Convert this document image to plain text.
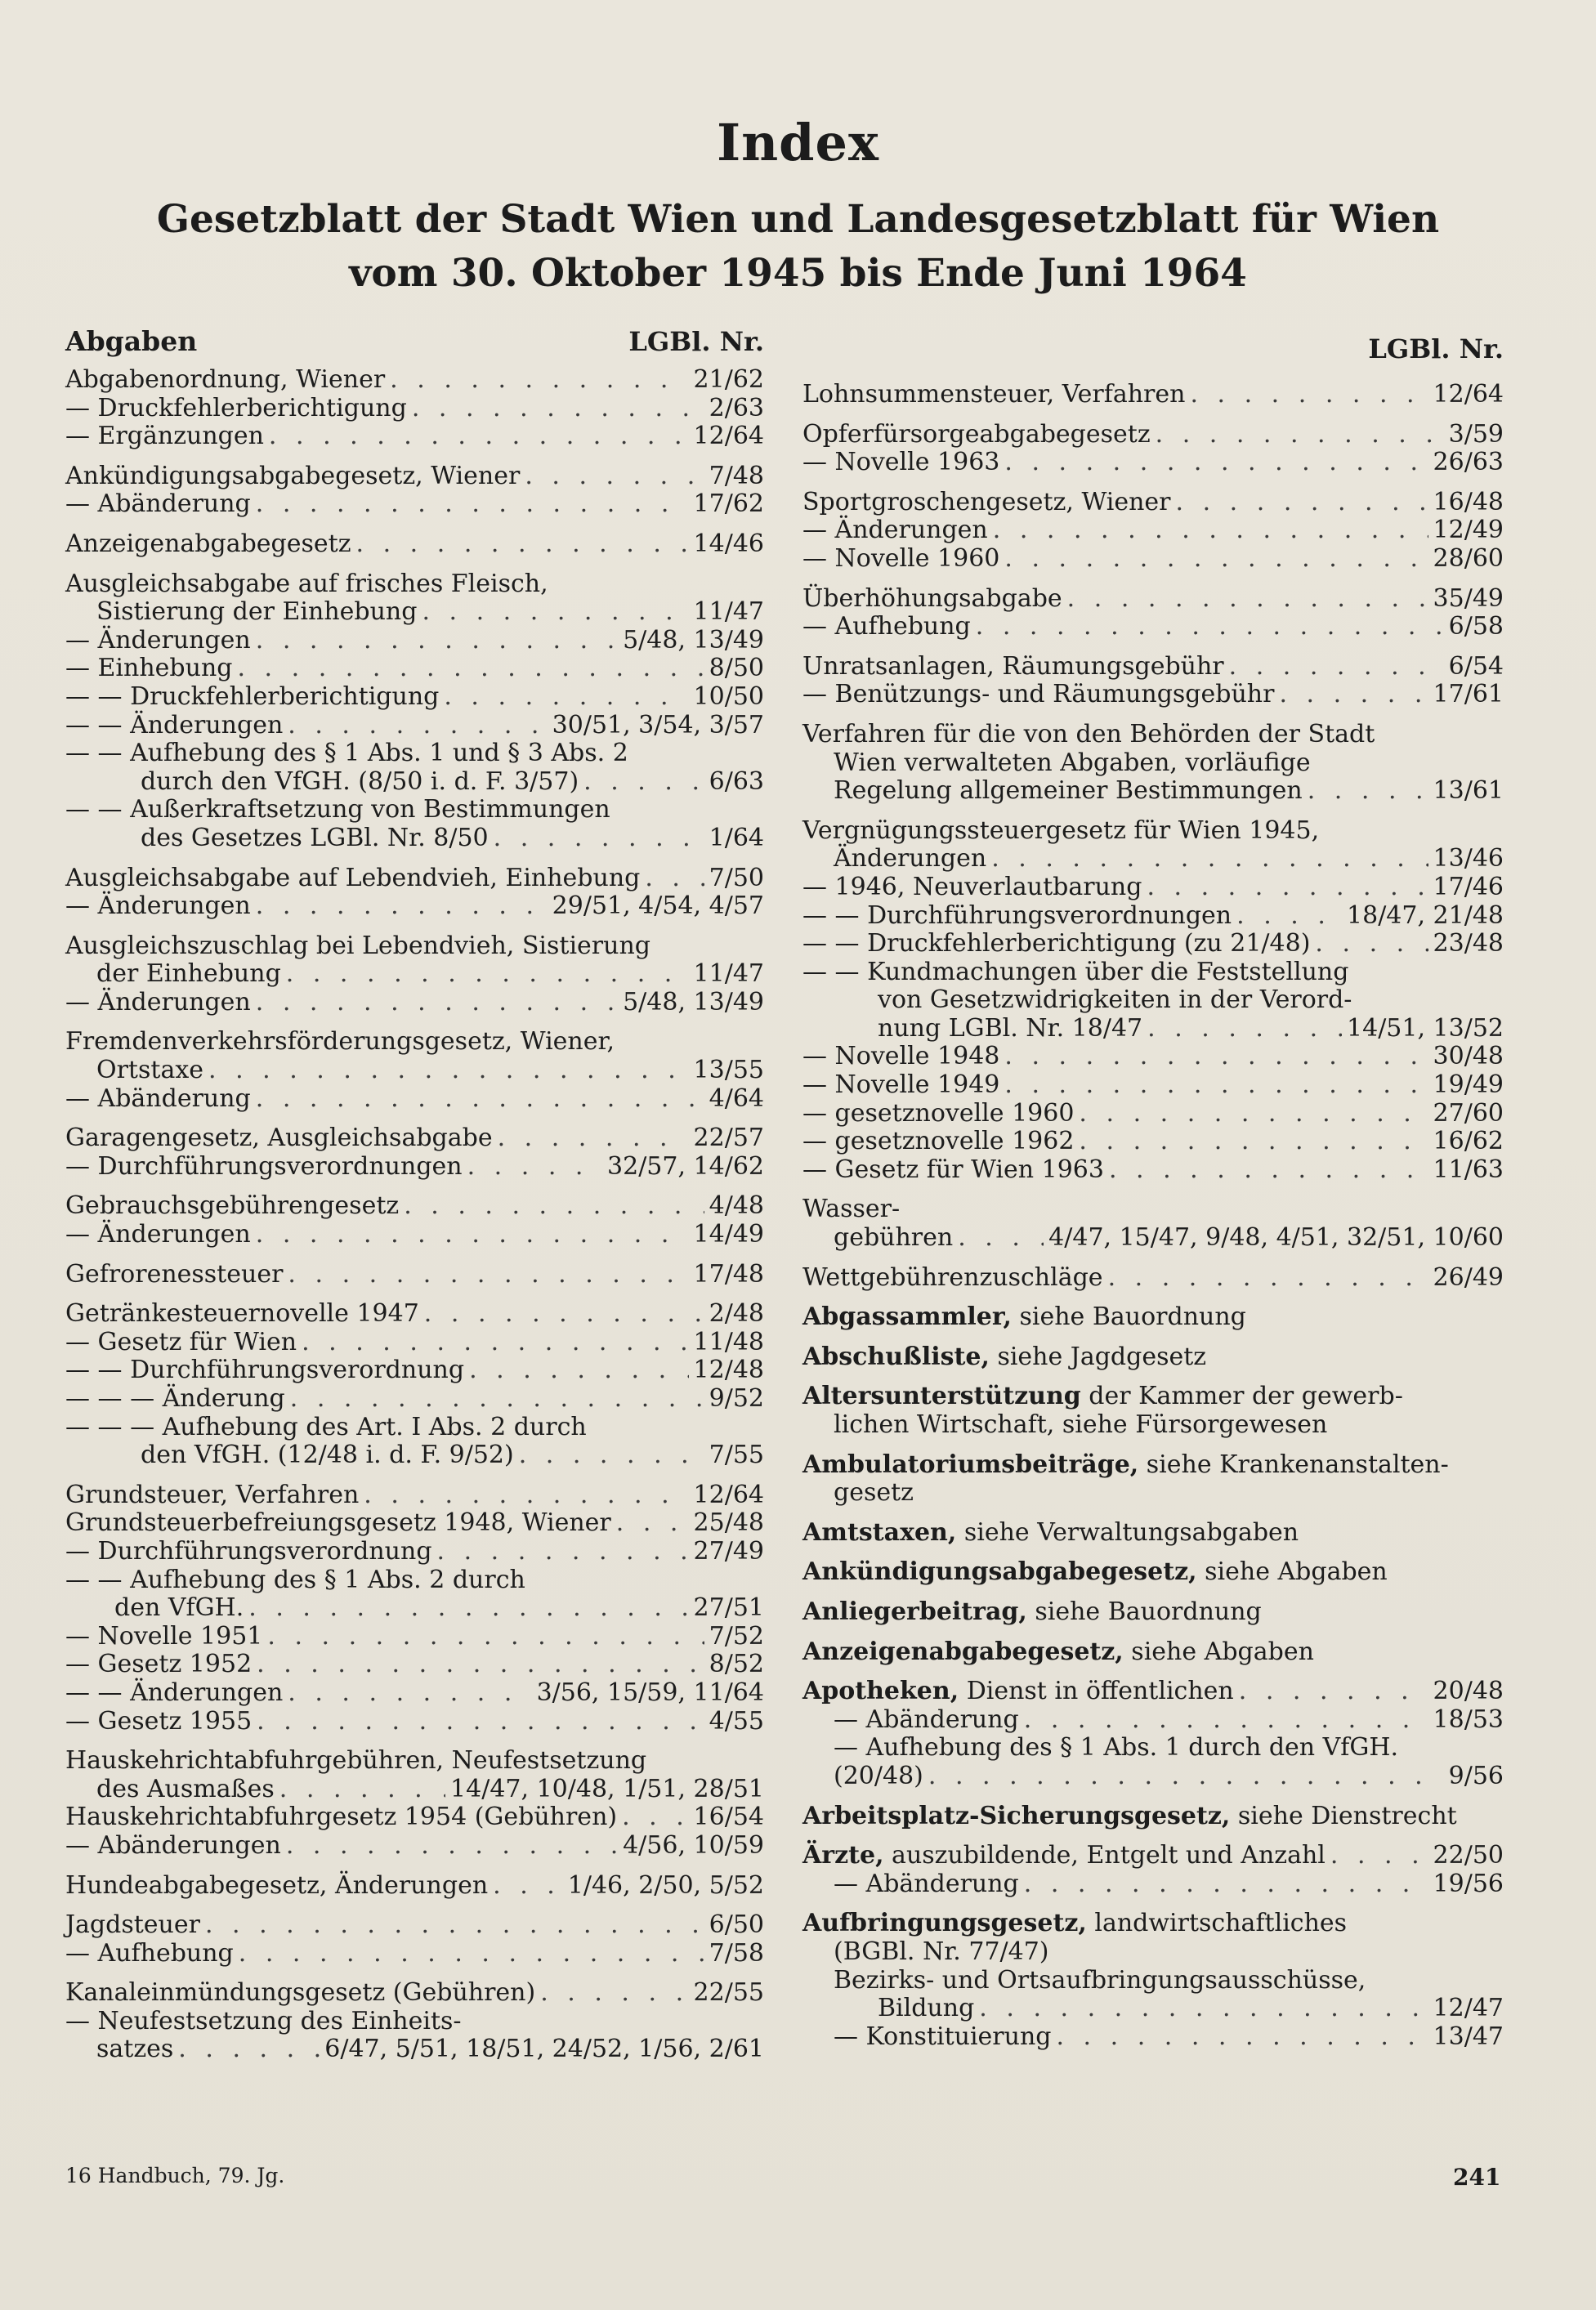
Index
Gesetzblatt der Stadt Wien und Landesgesetzblatt für Wien
vom 30. Oktober 1945 bis Ende Juni 1964
Abgaben	LGBl. Nr.
Abgabenordnung, Wiener . . .	21/62
— Druckfehlerberichtigung . . .	2/63
— Ergänzungen . . .	12/64
Ankündigungsabgabegesetz, Wiener . . .	7/48
— Abänderung . . .	17/62
Anzeigenabgabegesetz . . .	14/46
Ausgleichsabgabe auf frisches Fleisch,
Sistierung der Einhebung . . .	11/47
— Änderungen . . .	5/48, 13/49
— Einhebung . . .	8/50
— — Druckfehlerberichtigung . . .	10/50
— — Änderungen . . .	30/51, 3/54, 3/57
— — Aufhebung des § 1 Abs. 1 und § 3 Abs. 2
durch den VfGH. (8/50 i. d. F. 3/57) . . .	6/63
— — Außerkraftsetzung von Bestimmungen
des Gesetzes LGBl. Nr. 8/50 . . .	1/64
Ausgleichsabgabe auf Lebendvieh, Einhebung . . .	7/50
— Änderungen . . .	29/51, 4/54, 4/57
Ausgleichszuschlag bei Lebendvieh, Sistierung
der Einhebung . . .	11/47
— Änderungen . . .	5/48, 13/49
Fremdenverkehrsförderungsgesetz, Wiener,
Ortstaxe . . .	13/55
— Abänderung . . .	4/64
Garagengesetz, Ausgleichsabgabe . . .	22/57
— Durchführungsverordnungen . . .	32/57, 14/62
Gebrauchsgebührengesetz . . .	4/48
— Änderungen . . .	14/49
Gefrorenessteuer . . .	17/48
Getränkesteuernovelle 1947 . . .	2/48
— Gesetz für Wien . . .	11/48
— — Durchführungsverordnung . . .	12/48
— — — Änderung . . .	9/52
— — — Aufhebung des Art. I Abs. 2 durch
den VfGH. (12/48 i. d. F. 9/52) . . .	7/55
Grundsteuer, Verfahren . . .	12/64
Grundsteuerbefreiungsgesetz 1948, Wiener . . .	25/48
— Durchführungsverordnung . . .	27/49
— — Aufhebung des § 1 Abs. 2 durch
den VfGH. . . .	27/51
— Novelle 1951 . . .	7/52
— Gesetz 1952 . . .	8/52
— — Änderungen . . .	3/56, 15/59, 11/64
— Gesetz 1955 . . .	4/55
Hauskehrichtabfuhrgebühren, Neufestsetzung
des Ausmaßes . . .	14/47, 10/48, 1/51, 28/51
Hauskehrichtabfuhrgesetz 1954 (Gebühren) . . .	16/54
— Abänderungen . . .	4/56, 10/59
Hundeabgabegesetz, Änderungen . . .	1/46, 2/50, 5/52
Jagdsteuer . . .	6/50
— Aufhebung . . .	7/58
Kanaleinmündungsgesetz (Gebühren) . . .	22/55
— Neufestsetzung des Einheits-
satzes . . .	6/47, 5/51, 18/51, 24/52, 1/56, 2/61
LGBl. Nr.
Lohnsummensteuer, Verfahren . . .	12/64
Opferfürsorgeabgabegesetz . . .	3/59
— Novelle 1963 . . .	26/63
Sportgroschengesetz, Wiener . . .	16/48
— Änderungen . . .	12/49
— Novelle 1960 . . .	28/60
Überhöhungsabgabe . . .	35/49
— Aufhebung . . .	6/58
Unratsanlagen, Räumungsgebühr . . .	6/54
— Benützungs- und Räumungsgebühr . . .	17/61
Verfahren für die von den Behörden der Stadt
Wien verwalteten Abgaben, vorläufige
Regelung allgemeiner Bestimmungen . . .	13/61
Vergnügungssteuergesetz für Wien 1945,
Änderungen . . .	13/46
— 1946, Neuverlautbarung . . .	17/46
— — Durchführungsverordnungen . . .	18/47, 21/48
— — Druckfehlerberichtigung (zu 21/48) . . .	23/48
— — Kundmachungen über die Feststellung
von Gesetzwidrigkeiten in der Verord-
nung LGBl. Nr. 18/47 . . .	14/51, 13/52
— Novelle 1948 . . .	30/48
— Novelle 1949 . . .	19/49
— gesetznovelle 1960 . . .	27/60
— gesetznovelle 1962 . . .	16/62
— Gesetz für Wien 1963 . . .	11/63
Wasser-
gebühren . . .	4/47, 15/47, 9/48, 4/51, 32/51, 10/60
Wettgebührenzuschläge . . .	26/49
Abgassammler, siehe Bauordnung
Abschußliste, siehe Jagdgesetz
Altersunterstützung der Kammer der gewerb-
lichen Wirtschaft, siehe Fürsorgewesen
Ambulatoriumsbeiträge, siehe Krankenanstalten-
gesetz
Amtstaxen, siehe Verwaltungsabgaben
Ankündigungsabgabegesetz, siehe Abgaben
Anliegerbeitrag, siehe Bauordnung
Anzeigenabgabegesetz, siehe Abgaben
Apotheken, Dienst in öffentlichen . . .	20/48
— Abänderung . . .	18/53
— Aufhebung des § 1 Abs. 1 durch den VfGH.
(20/48) . . .	9/56
Arbeitsplatz-Sicherungsgesetz, siehe Dienstrecht
Ärzte, auszubildende, Entgelt und Anzahl . . .	22/50
— Abänderung . . .	19/56
Aufbringungsgesetz, landwirtschaftliches
(BGBl. Nr. 77/47)
Bezirks- und Ortsaufbringungsausschüsse,
Bildung . . .	12/47
— Konstituierung . . .	13/47
16 Handbuch, 79. Jg.	241
